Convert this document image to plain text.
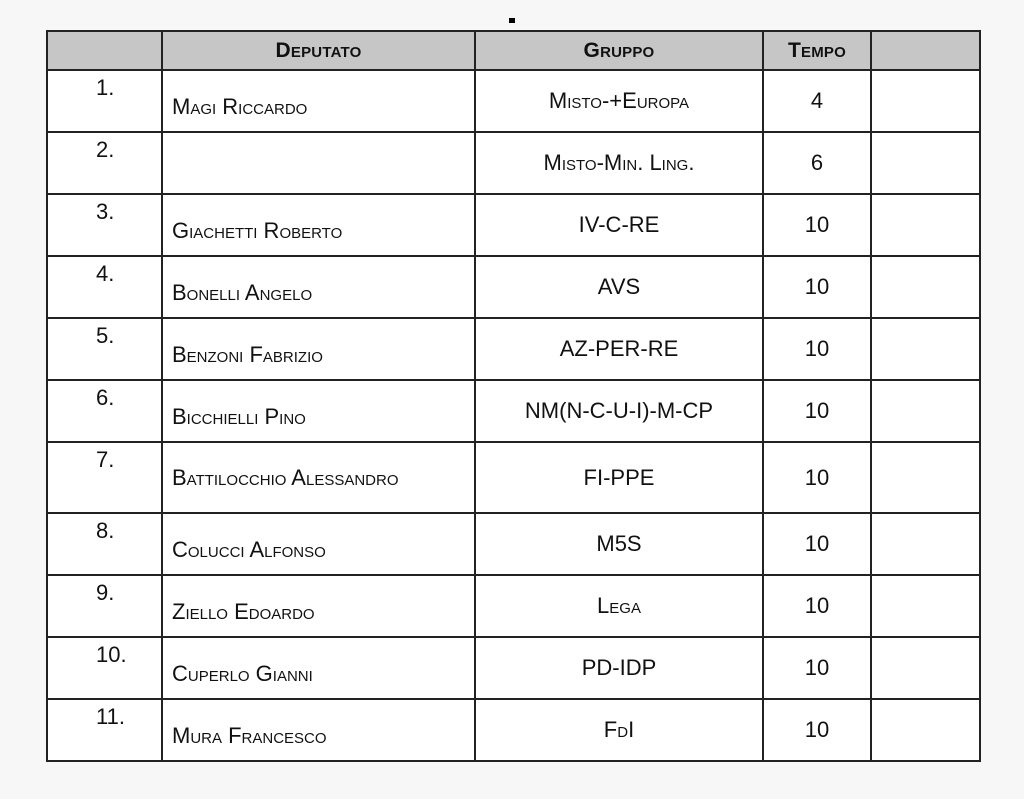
	Deputato	Gruppo	Tempo	
1.	Magi Riccardo	Misto-+Europa	4	
2.		Misto-Min. Ling.	6	
3.	Giachetti Roberto	IV-C-RE	10	
4.	Bonelli Angelo	AVS	10	
5.	Benzoni Fabrizio	AZ-PER-RE	10	
6.	Bicchielli Pino	NM(N-C-U-I)-M-CP	10	
7.	Battilocchio Alessandro	FI-PPE	10	
8.	Colucci Alfonso	M5S	10	
9.	Ziello Edoardo	Lega	10	
10.	Cuperlo Gianni	PD-IDP	10	
11.	Mura Francesco	FdI	10	
